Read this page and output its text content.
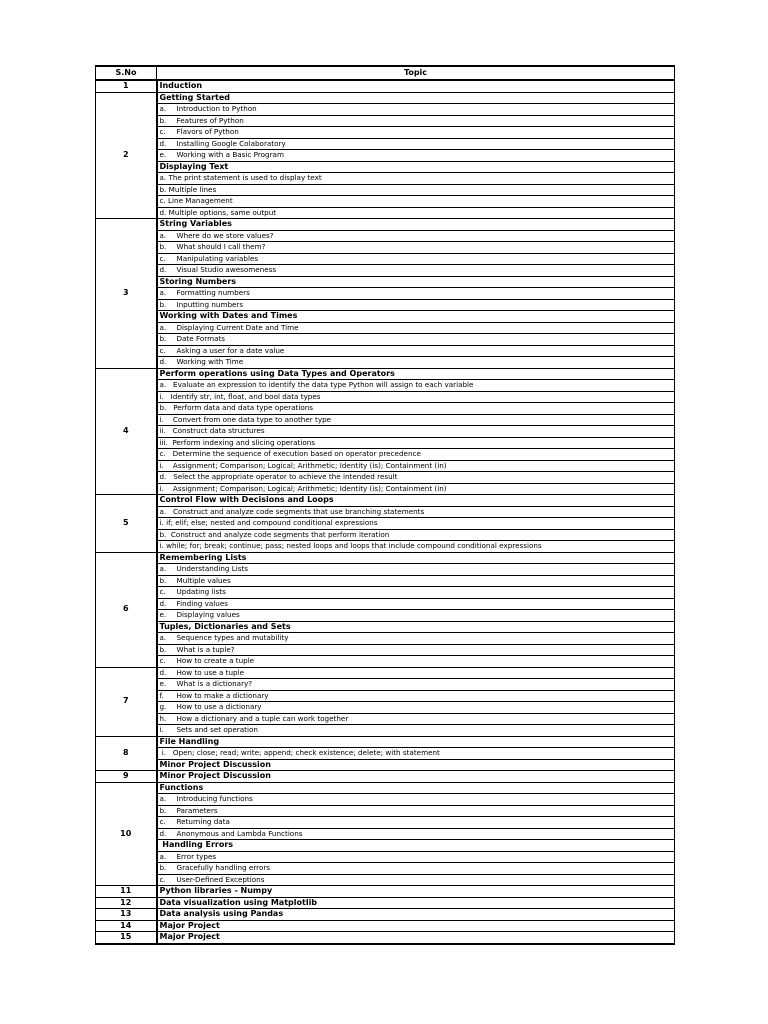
S.No	Topic
1	Induction
2	Getting Started
	a. Introduction to Python
	b. Features of Python
	c. Flavors of Python
	d. Installing Google Colaboratory
	e. Working with a Basic Program
	Displaying Text
	a. The print statement is used to display text
	b. Multiple lines
	c. Line Management
	d. Multiple options, same output
3	String Variables
	a. Where do we store values?
	b. What should I call them?
	c. Manipulating variables
	d. Visual Studio awesomeness
	Storing Numbers
	a. Formatting numbers
	b. Inputting numbers
	Working with Dates and Times
	a. Displaying Current Date and Time
	b. Date Formats
	c. Asking a user for a date value
	d. Working with Time
4	Perform operations using Data Types and Operators
	a.   Evaluate an expression to identify the data type Python will assign to each variable
	i.   Identify str, int, float, and bool data types
	b.   Perform data and data type operations
	i.    Convert from one data type to another type
	ii.   Construct data structures
	iii.  Perform indexing and slicing operations
	c.   Determine the sequence of execution based on operator precedence
	i.    Assignment; Comparison; Logical; Arithmetic; Identity (is); Containment (in)
	d.   Select the appropriate operator to achieve the intended result
	i.    Assignment; Comparison; Logical; Arithmetic; Identity (is); Containment (in)
5	Control Flow with Decisions and Loops
	a.   Construct and analyze code segments that use branching statements
	i. if; elif; else; nested and compound conditional expressions
	b.  Construct and analyze code segments that perform iteration
	i. while; for; break; continue; pass; nested loops and loops that include compound conditional expressions
6	Remembering Lists
	a. Understanding Lists
	b. Multiple values
	c. Updating lists
	d. Finding values
	e. Displaying values
	Tuples, Dictionaries and Sets
	a. Sequence types and mutability
	b. What is a tuple?
	c. How to create a tuple
7	d. How to use a tuple
	e. What is a dictionary?
	f. How to make a dictionary
	g. How to use a dictionary
	h. How a dictionary and a tuple can work together
	i. Sets and set operation
8	File Handling
	i.   Open; close; read; write; append; check existence; delete; with statement
	Minor Project Discussion
9	Minor Project Discussion
10	Functions
	a. Introducing functions
	b. Parameters
	c. Returning data
	d. Anonymous and Lambda Functions
	Handling Errors
	a. Error types
	b. Gracefully handling errors
	c. User-Defined Exceptions
11	Python libraries - Numpy
12	Data visualization using Matplotlib
13	Data analysis using Pandas
14	Major Project
15	Major Project
